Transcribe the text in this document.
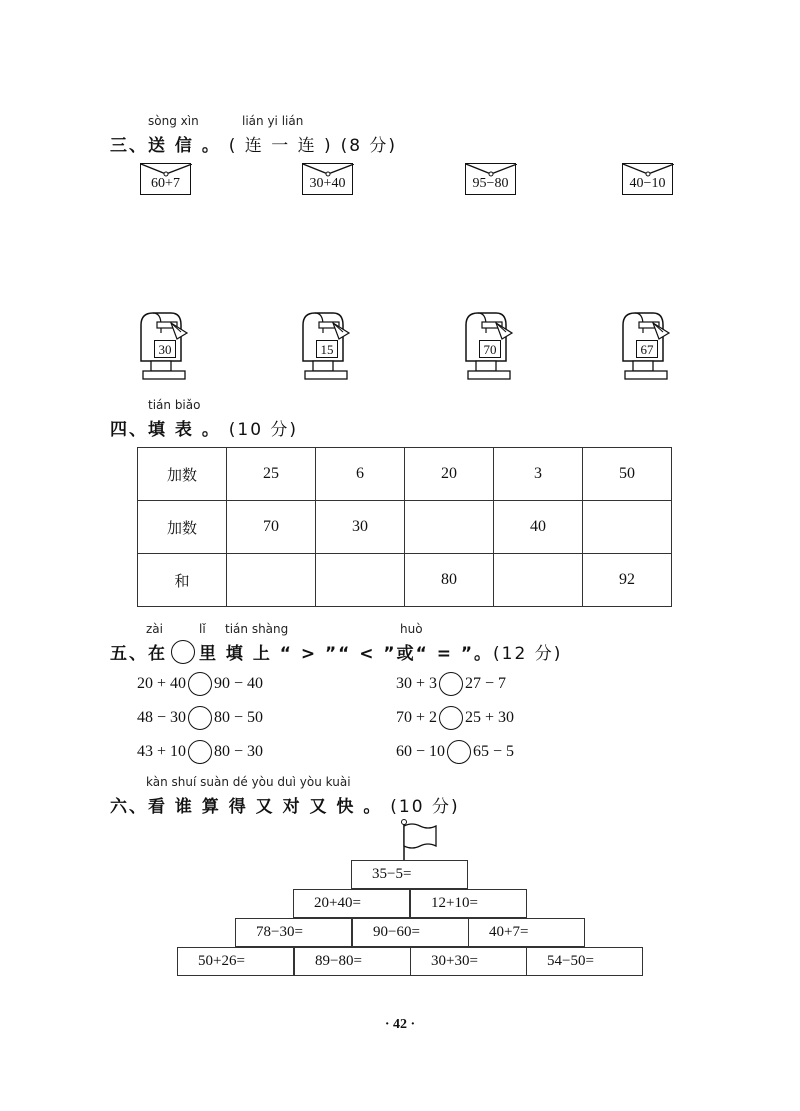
sòng xìn	lián yi lián
三、送 信 。 ( 连 一 连 ) (8 分)
60+7	30+40	95−80	40−10
30	15	70	67
tián biǎo
四、填 表 。 (10 分)
加数	25	6	20	3	50
加数	70	30		40	
和			80		92
zài	lǐ tián shàng	huò
五、在 里 填 上 “ > ”“ < ”或“ = ”。 (12 分)
20 + 40 90 − 40
48 − 30 80 − 50
43 + 10 80 − 30
30 + 3 27 − 7
70 + 2 25 + 30
60 − 10 65 − 5
kàn shuí suàn dé yòu duì yòu kuài
六、看 谁 算 得 又 对 又 快 。 (10 分)
35−5=
20+40=	12+10=
78−30=	90−60=	40+7=
50+26=	89−80=	30+30=	54−50=
· 42 ·
